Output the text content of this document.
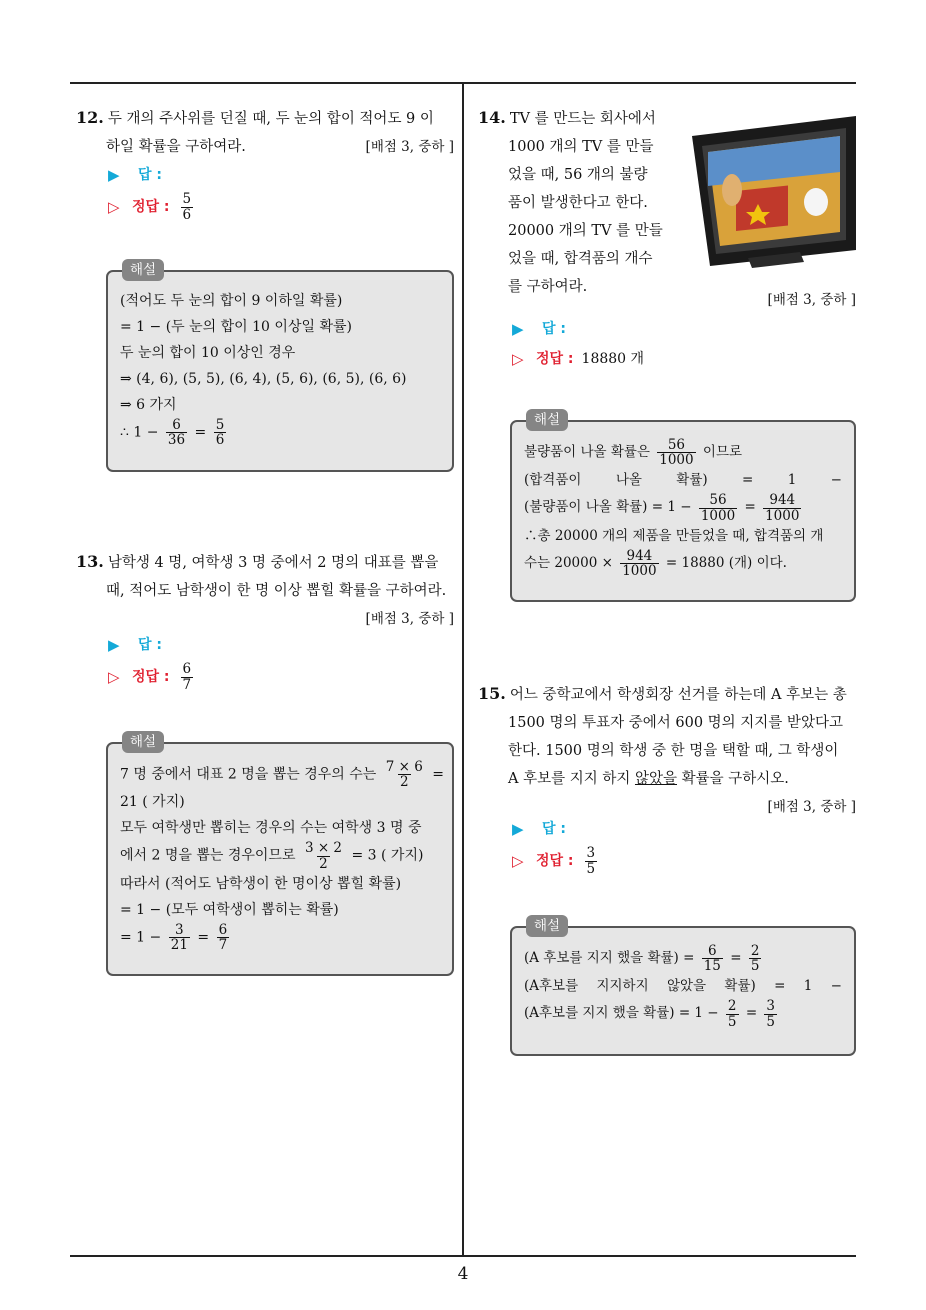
4
12. 두 개의 주사위를 던질 때, 두 눈의 합이 적어도 9 이
하일 확률을 구하여라.	[배점 3, 중하 ]
▶	답 :
▷ 정답 : $\frac{5}{6}$
해설
(적어도 두 눈의 합이 9 이하일 확률)
= 1 − (두 눈의 합이 10 이상일 확률)
두 눈의 합이 10 이상인 경우
⇒ (4, 6), (5, 5), (6, 4), (5, 6), (6, 5), (6, 6)
⇒ 6 가지
∴ $1 - \frac{6}{36} = \frac{5}{6}$
13. 남학생 4 명, 여학생 3 명 중에서 2 명의 대표를 뽑을
때, 적어도 남학생이 한 명 이상 뽑힐 확률을 구하여라.
[배점 3, 중하 ]
▶	답 :
▷ 정답 : $\frac{6}{7}$
해설
7 명 중에서 대표 2 명을 뽑는 경우의 수는 $\frac{7 \times 6}{2}$ =
21 ( 가지)
모두 여학생만 뽑히는 경우의 수는 여학생 3 명 중
에서 2 명을 뽑는 경우이므로 $\frac{3 \times 2}{2} = 3$ ( 가지)
따라서 (적어도 남학생이 한 명이상 뽑힐 확률)
= 1 − (모두 여학생이 뽑히는 확률)
= $1 - \frac{3}{21} = \frac{6}{7}$
14. TV 를 만드는 회사에서
1000 개의 TV 를 만들
었을 때, 56 개의 불량
품이 발생한다고 한다.
20000 개의 TV 를 만들
었을 때, 합격품의 개수
를 구하여라.
[배점 3, 중하 ]
▶	답 :
▷ 정답 : 18880 개
해설
불량품이 나올 확률은 $\frac{56}{1000}$ 이므로
(합격품이	나올	확률)	=	1	−
(불량품이 나올 확률) = $1 - \frac{56}{1000} = \frac{944}{1000}$
∴총 20000 개의 제품을 만들었을 때, 합격품의 개
수는 $20000 \times \frac{944}{1000} = 18880$ (개) 이다.
15. 어느 중학교에서 학생회장 선거를 하는데 A 후보는 총
1500 명의 투표자 중에서 600 명의 지지를 받았다고
한다. 1500 명의 학생 중 한 명을 택할 때, 그 학생이
A 후보를 지지 하지 않았을 확률을 구하시오.
[배점 3, 중하 ]
▶	답 :
▷ 정답 : $\frac{3}{5}$
해설
(A 후보를 지지 했을 확률) = $\frac{6}{15} = \frac{2}{5}$
(A후보를 지지하지 않았을 확률) = 1 −
(A후보를 지지 했을 확률) = $1 - \frac{2}{5} = \frac{3}{5}$
